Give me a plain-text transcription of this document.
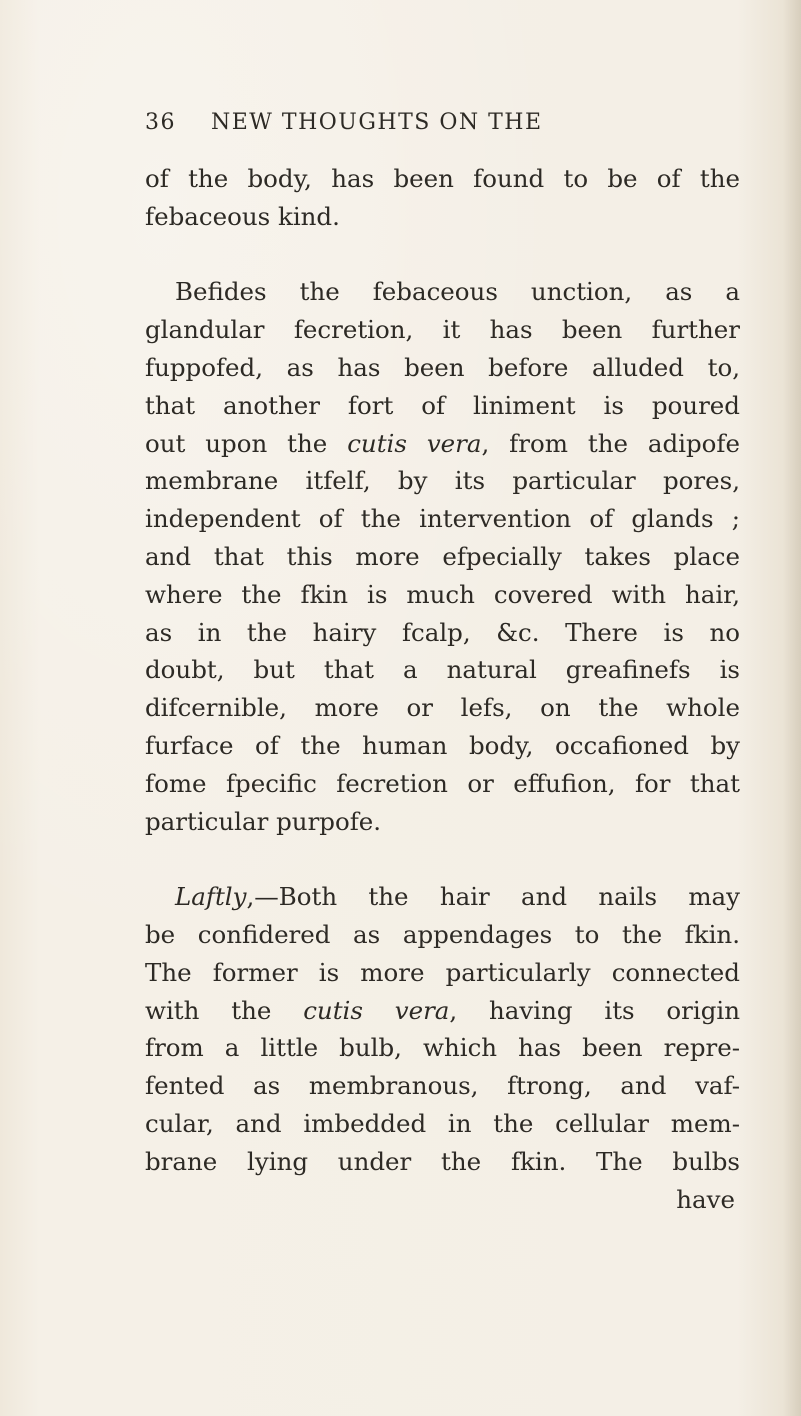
36 NEW THOUGHTS ON THE
of the body, has been found to be of the
febaceous kind.
Befides the febaceous unction, as a
glandular fecretion, it has been further
fuppofed, as has been before alluded to,
that another fort of liniment is poured
out upon the cutis vera, from the adipofe
membrane itfelf, by its particular pores,
independent of the intervention of glands ;
and that this more efpecially takes place
where the fkin is much covered with hair,
as in the hairy fcalp, &c. There is no
doubt, but that a natural greafinefs is
difcernible, more or lefs, on the whole
furface of the human body, occafioned by
fome fpecific fecretion or effufion, for that
particular purpofe.
Laftly,—Both the hair and nails may
be confidered as appendages to the fkin.
The former is more particularly connected
with the cutis vera, having its origin
from a little bulb, which has been repre-
fented as membranous, ftrong, and vaf-
cular, and imbedded in the cellular mem-
brane lying under the fkin. The bulbs
have
